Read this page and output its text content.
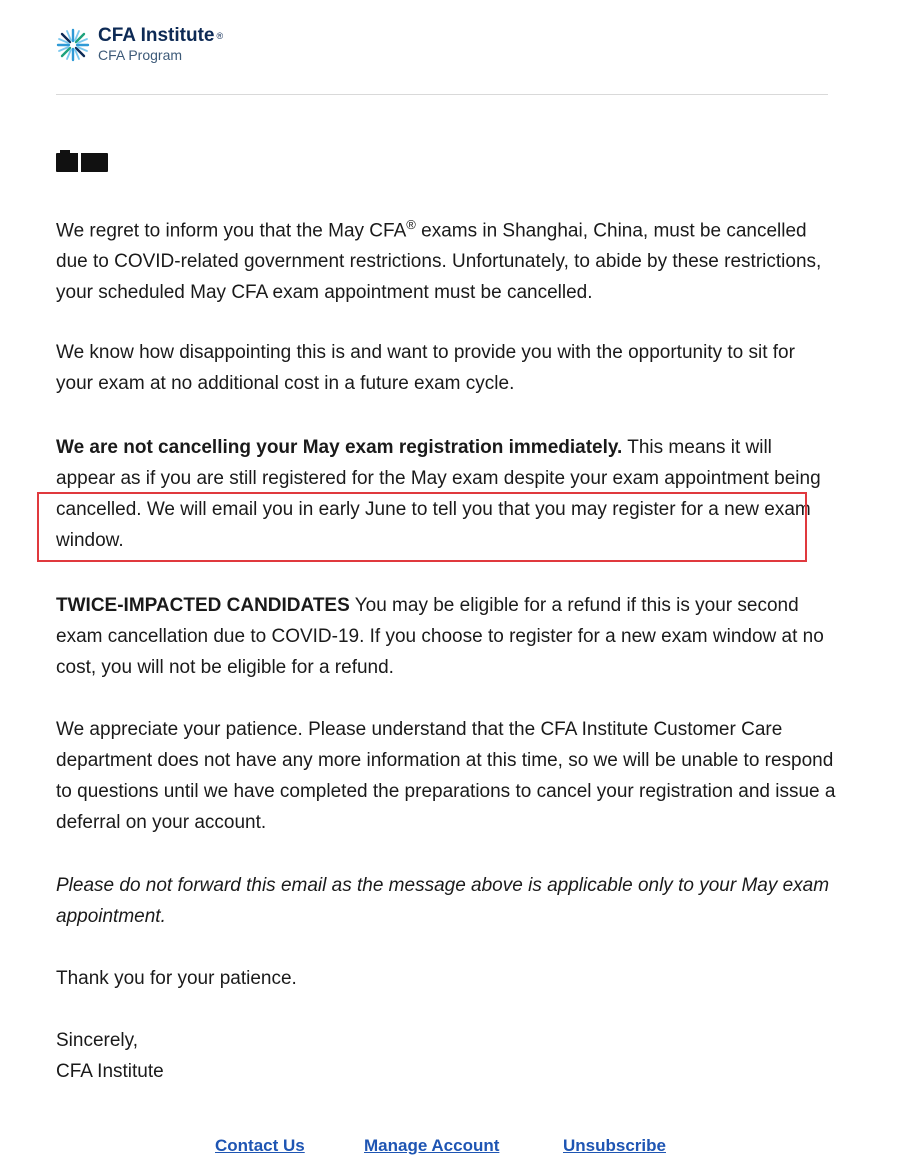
CFA Institute ®
CFA Program

We regret to inform you that the May CFA® exams in Shanghai, China, must be cancelled due to COVID-related government restrictions. Unfortunately, to abide by these restrictions, your scheduled May CFA exam appointment must be cancelled.

We know how disappointing this is and want to provide you with the opportunity to sit for your exam at no additional cost in a future exam cycle.

We are not cancelling your May exam registration immediately. This means it will appear as if you are still registered for the May exam despite your exam appointment being cancelled. We will email you in early June to tell you that you may register for a new exam window.

TWICE-IMPACTED CANDIDATES You may be eligible for a refund if this is your second exam cancellation due to COVID-19. If you choose to register for a new exam window at no cost, you will not be eligible for a refund.

We appreciate your patience. Please understand that the CFA Institute Customer Care department does not have any more information at this time, so we will be unable to respond to questions until we have completed the preparations to cancel your registration and issue a deferral on your account.

Please do not forward this email as the message above is applicable only to your May exam appointment.

Thank you for your patience.

Sincerely,
CFA Institute

Contact Us	Manage Account	Unsubscribe
